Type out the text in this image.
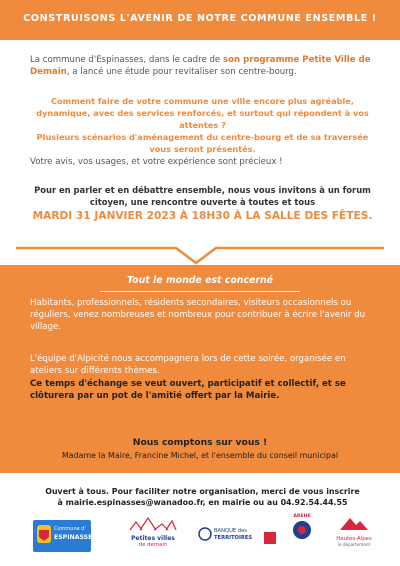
CONSTRUISONS L'AVENIR DE NOTRE COMMUNE ENSEMBLE !

La commune d'Espinasses, dans le cadre de son programme Petite Ville de Demain, a lancé une étude pour revitaliser son centre-bourg.

Comment faire de votre commune une ville encore plus agréable, dynamique, avec des services renforcés, et surtout qui répondent à vos attentes ?
Plusieurs scénarios d'aménagement du centre-bourg et de sa traversée vous seront présentés.

Votre avis, vos usages, et votre expérience sont précieux !

Pour en parler et en débattre ensemble, nous vous invitons à un forum citoyen, une rencontre ouverte à toutes et tous

MARDI 31 JANVIER 2023 À 18H30 À LA SALLE DES FÊTES.
Tout le monde est concerné

Habitants, professionnels, résidents secondaires, visiteurs occasionnels ou réguliers, venez nombreuses et nombreux pour contribuer à écrire l'avenir du village.

L'équipe d'Alpicité nous accompagnera lors de cette soirée, organisée en ateliers sur différents thèmes.

Ce temps d'échange se veut ouvert, participatif et collectif, et se clôturera par un pot de l'amitié offert par la Mairie.

Nous comptons sur vous !
Madame la Maire, Francine Michel, et l'ensemble du conseil municipal
Ouvert à tous. Pour faciliter notre organisation, merci de vous inscrire
à mairie.espinasses@wanadoo.fr, en mairie ou au 04.92.54.44.55
Commune d'
ESPINASSES	Petites villes
de demain
BANQUE des
TERRITOIRES
AREHE
Hautes-Alpes
le département
